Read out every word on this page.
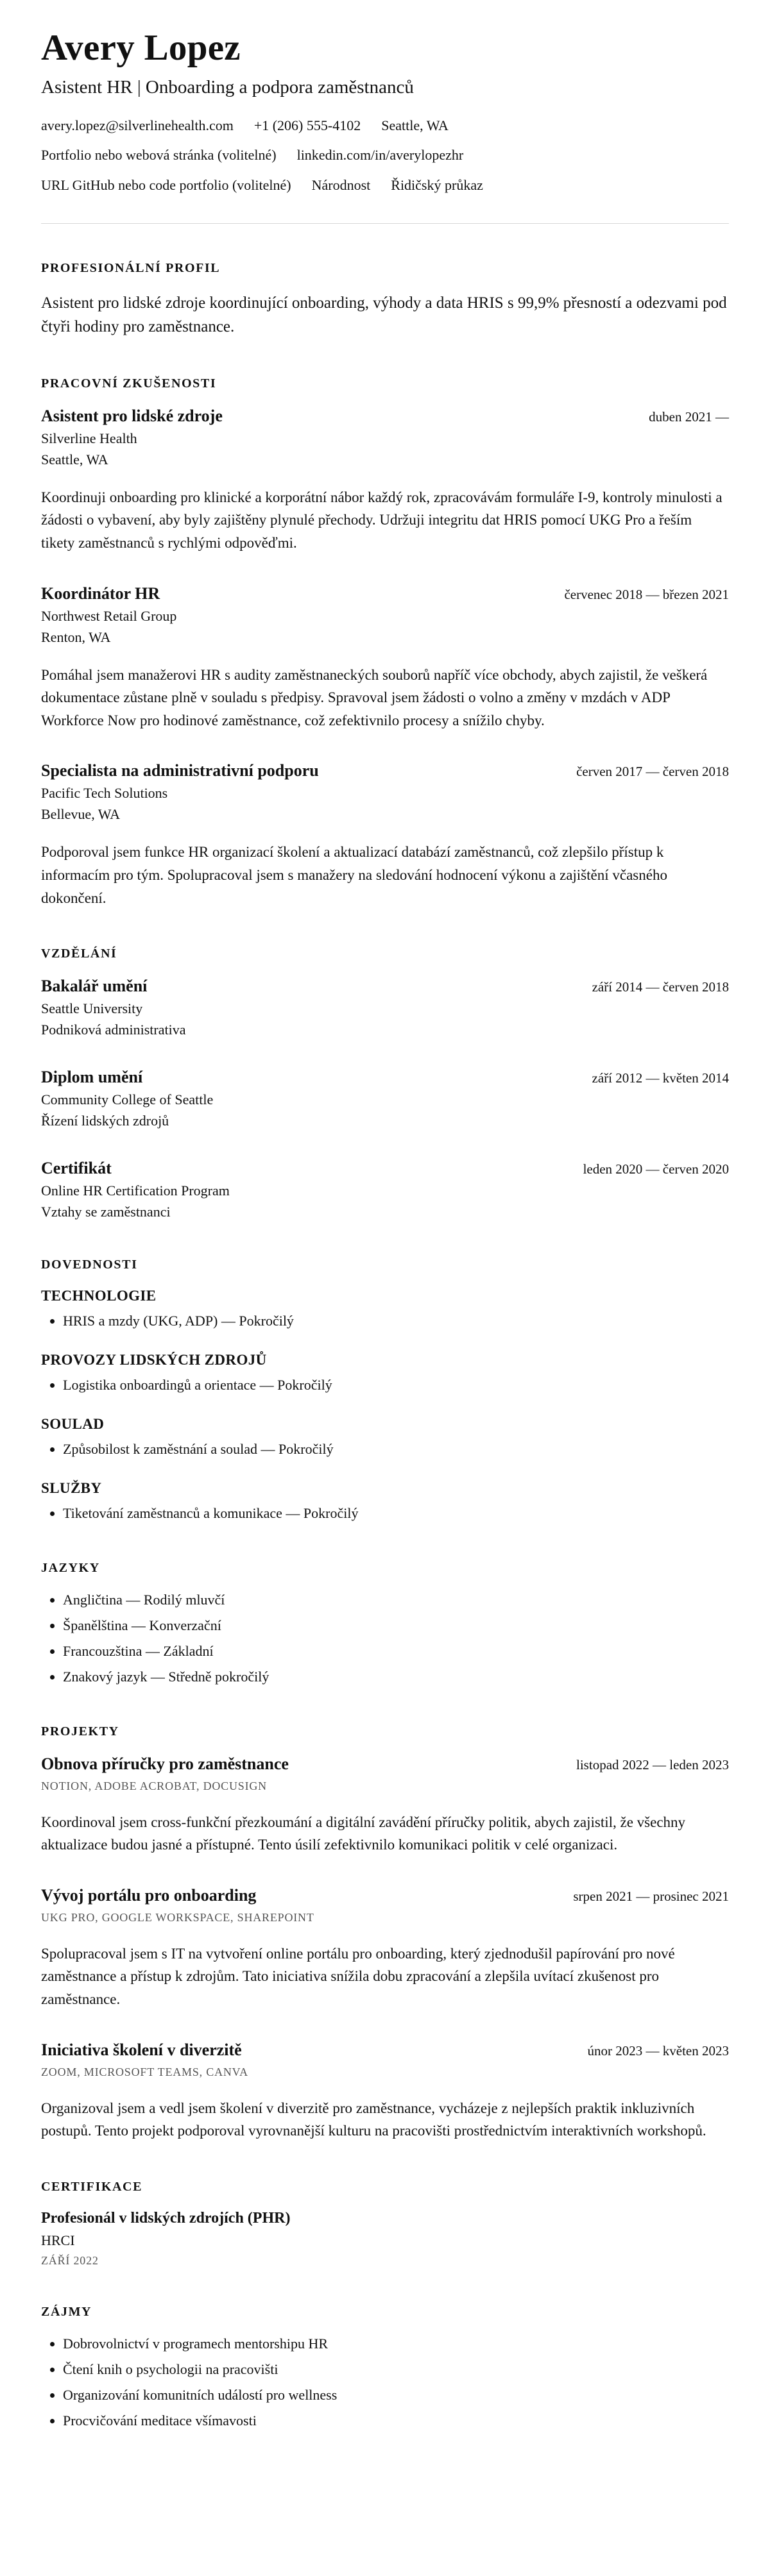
Avery Lopez
Asistent HR | Onboarding a podpora zaměstnanců
avery.lopez@silverlinehealth.com +1 (206) 555-4102 Seattle, WA
Portfolio nebo webová stránka (volitelné) linkedin.com/in/averylopezhr
URL GitHub nebo code portfolio (volitelné) Národnost Řidičský průkaz
PROFESIONÁLNÍ PROFIL

Asistent pro lidské zdroje koordinující onboarding, výhody a data HRIS s 99,9% přesností a odezvami pod čtyři hodiny pro zaměstnance.

PRACOVNÍ ZKUŠENOSTI
Asistent pro lidské zdroje	duben 2021 —
Silverline Health
Seattle, WA

Koordinuji onboarding pro klinické a korporátní nábor každý rok, zpracovávám formuláře I-9, kontroly minulosti a žádosti o vybavení, aby byly zajištěny plynulé přechody. Udržuji integritu dat HRIS pomocí UKG Pro a řeším tikety zaměstnanců s rychlými odpověďmi.

Koordinátor HR	červenec 2018 — březen 2021
Northwest Retail Group
Renton, WA

Pomáhal jsem manažerovi HR s audity zaměstnaneckých souborů napříč více obchody, abych zajistil, že veškerá dokumentace zůstane plně v souladu s předpisy. Spravoval jsem žádosti o volno a změny v mzdách v ADP Workforce Now pro hodinové zaměstnance, což zefektivnilo procesy a snížilo chyby.

Specialista na administrativní podporu	červen 2017 — červen 2018
Pacific Tech Solutions
Bellevue, WA

Podporoval jsem funkce HR organizací školení a aktualizací databází zaměstnanců, což zlepšilo přístup k informacím pro tým. Spolupracoval jsem s manažery na sledování hodnocení výkonu a zajištění včasného dokončení.

VZDĚLÁNÍ
Bakalář umění	září 2014 — červen 2018
Seattle University
Podniková administrativa
Diplom umění	září 2012 — květen 2014
Community College of Seattle
Řízení lidských zdrojů
Certifikát	leden 2020 — červen 2020
Online HR Certification Program
Vztahy se zaměstnanci
DOVEDNOSTI
TECHNOLOGIE
• HRIS a mzdy (UKG, ADP) — Pokročilý
PROVOZY LIDSKÝCH ZDROJŮ
• Logistika onboardingů a orientace — Pokročilý
SOULAD
• Způsobilost k zaměstnání a soulad — Pokročilý
SLUŽBY
• Tiketování zaměstnanců a komunikace — Pokročilý
JAZYKY
• Angličtina — Rodilý mluvčí
• Španělština — Konverzační
• Francouzština — Základní
• Znakový jazyk — Středně pokročilý
PROJEKTY
Obnova příručky pro zaměstnance	listopad 2022 — leden 2023
NOTION, ADOBE ACROBAT, DOCUSIGN

Koordinoval jsem cross-funkční přezkoumání a digitální zavádění příručky politik, abych zajistil, že všechny aktualizace budou jasné a přístupné. Tento úsilí zefektivnilo komunikaci politik v celé organizaci.

Vývoj portálu pro onboarding	srpen 2021 — prosinec 2021
UKG PRO, GOOGLE WORKSPACE, SHAREPOINT

Spolupracoval jsem s IT na vytvoření online portálu pro onboarding, který zjednodušil papírování pro nové zaměstnance a přístup k zdrojům. Tato iniciativa snížila dobu zpracování a zlepšila uvítací zkušenost pro zaměstnance.

Iniciativa školení v diverzitě	únor 2023 — květen 2023
ZOOM, MICROSOFT TEAMS, CANVA

Organizoval jsem a vedl jsem školení v diverzitě pro zaměstnance, vycházeje z nejlepších praktik inkluzivních postupů. Tento projekt podporoval vyrovnanější kulturu na pracovišti prostřednictvím interaktivních workshopů.

CERTIFIKACE
Profesionál v lidských zdrojích (PHR)
HRCI
ZÁŘÍ 2022
ZÁJMY
• Dobrovolnictví v programech mentorshipu HR
• Čtení knih o psychologii na pracovišti
• Organizování komunitních událostí pro wellness
• Procvičování meditace všímavosti
